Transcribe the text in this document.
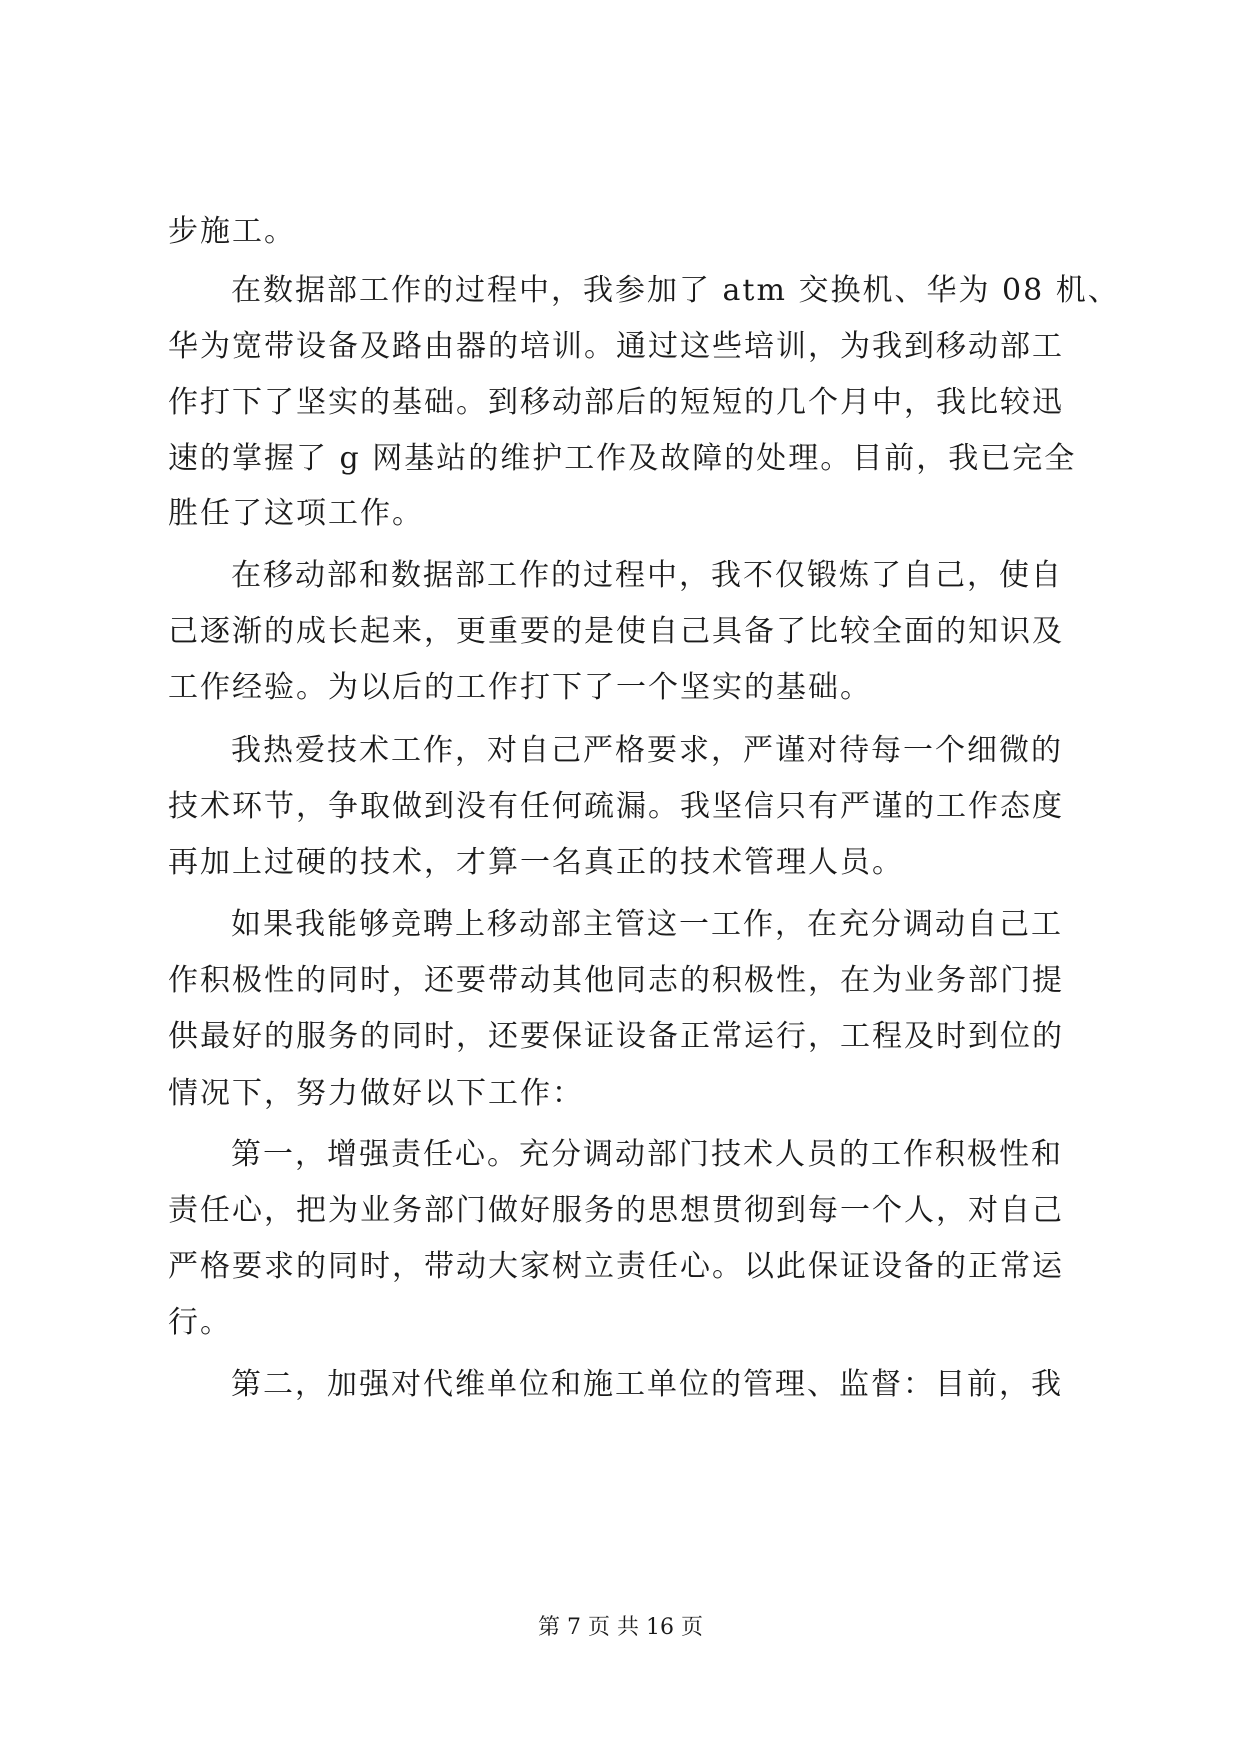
步施工。
在数据部工作的过程中，我参加了 atm 交换机、华为 08 机、
华为宽带设备及路由器的培训。通过这些培训，为我到移动部工
作打下了坚实的基础。到移动部后的短短的几个月中，我比较迅
速的掌握了 g 网基站的维护工作及故障的处理。目前，我已完全
胜任了这项工作。
在移动部和数据部工作的过程中，我不仅锻炼了自己，使自
己逐渐的成长起来，更重要的是使自己具备了比较全面的知识及
工作经验。为以后的工作打下了一个坚实的基础。
我热爱技术工作，对自己严格要求，严谨对待每一个细微的
技术环节，争取做到没有任何疏漏。我坚信只有严谨的工作态度
再加上过硬的技术，才算一名真正的技术管理人员。
如果我能够竞聘上移动部主管这一工作，在充分调动自己工
作积极性的同时，还要带动其他同志的积极性，在为业务部门提
供最好的服务的同时，还要保证设备正常运行，工程及时到位的
情况下，努力做好以下工作：
第一，增强责任心。充分调动部门技术人员的工作积极性和
责任心，把为业务部门做好服务的思想贯彻到每一个人，对自己
严格要求的同时，带动大家树立责任心。以此保证设备的正常运
行。
第二，加强对代维单位和施工单位的管理、监督：目前，我
第 7 页 共 16 页
